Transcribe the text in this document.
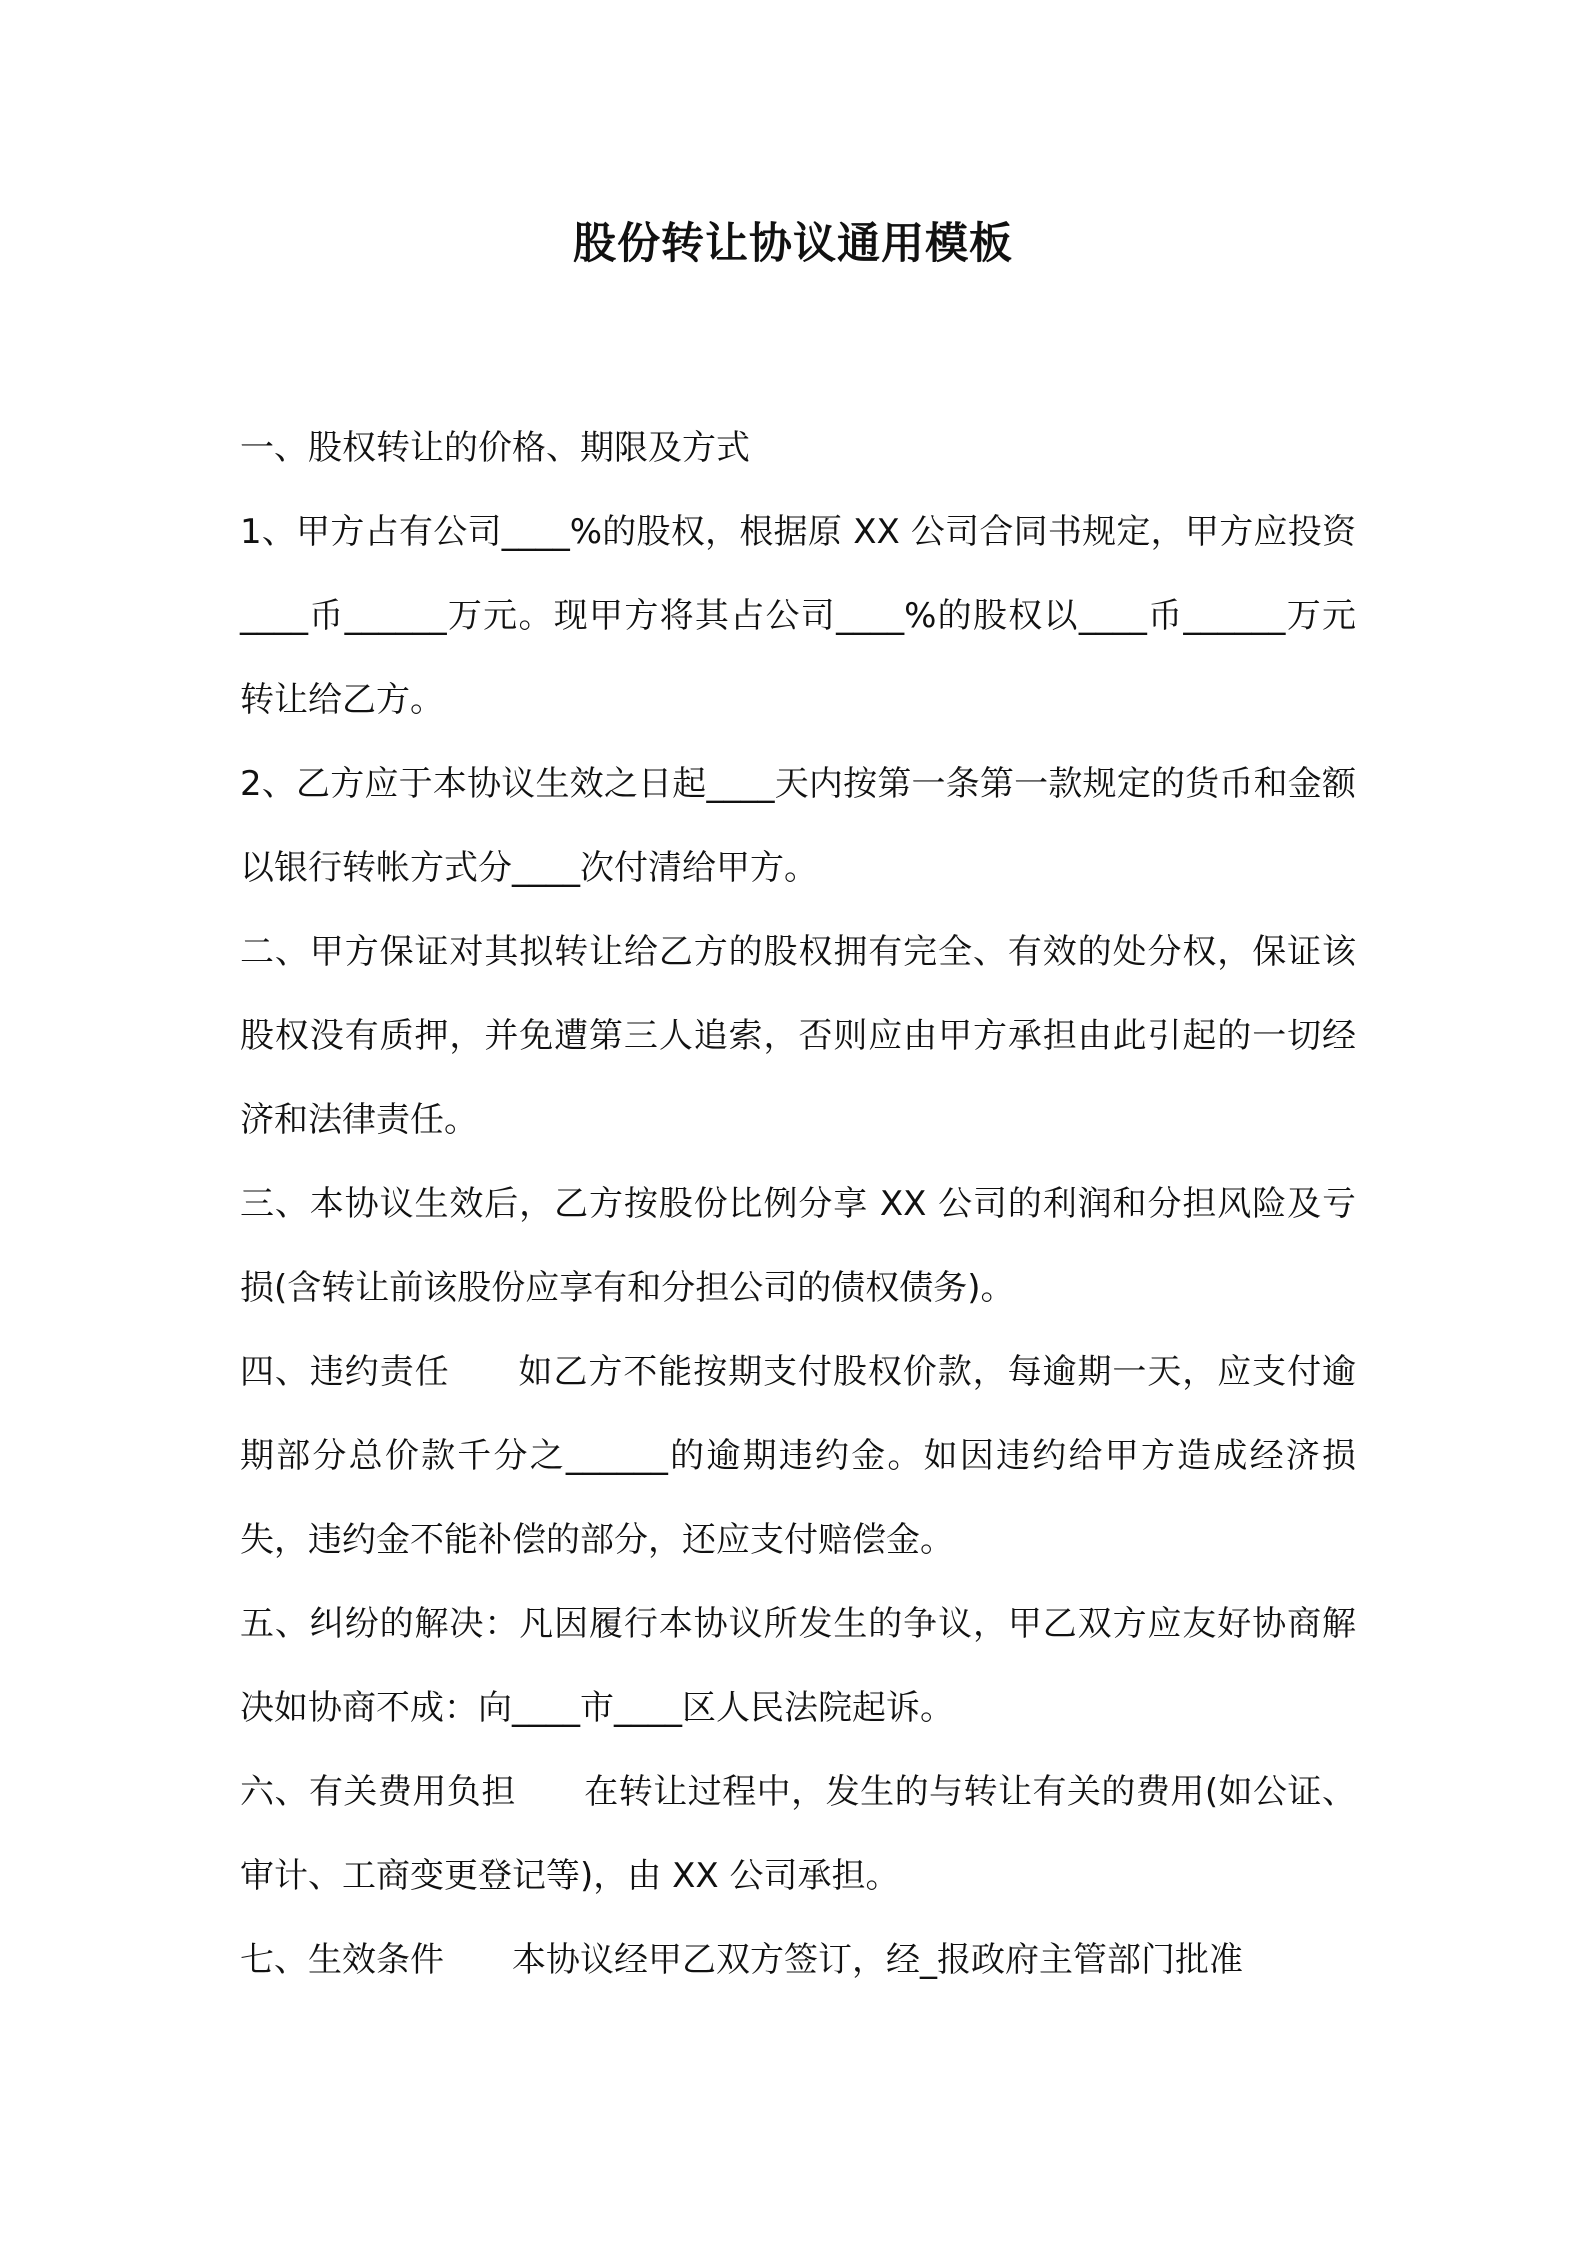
股份转让协议通用模板

一、股权转让的价格、期限及方式

1、甲方占有公司____%的股权，根据原 XX 公司合同书规定，甲方应投资____币______万元。现甲方将其占公司____%的股权以____币______万元转让给乙方。

2、乙方应于本协议生效之日起____天内按第一条第一款规定的货币和金额以银行转帐方式分____次付清给甲方。

二、甲方保证对其拟转让给乙方的股权拥有完全、有效的处分权，保证该股权没有质押，并免遭第三人追索，否则应由甲方承担由此引起的一切经济和法律责任。

三、本协议生效后，乙方按股份比例分享 XX 公司的利润和分担风险及亏损(含转让前该股份应享有和分担公司的债权债务)。

四、违约责任 如乙方不能按期支付股权价款，每逾期一天，应支付逾期部分总价款千分之______的逾期违约金。如因违约给甲方造成经济损失，违约金不能补偿的部分，还应支付赔偿金。

五、纠纷的解决：凡因履行本协议所发生的争议，甲乙双方应友好协商解决如协商不成：向____市____区人民法院起诉。

六、有关费用负担 在转让过程中，发生的与转让有关的费用(如公证、审计、工商变更登记等)，由 XX 公司承担。

七、生效条件 本协议经甲乙双方签订，经_报政府主管部门批准
